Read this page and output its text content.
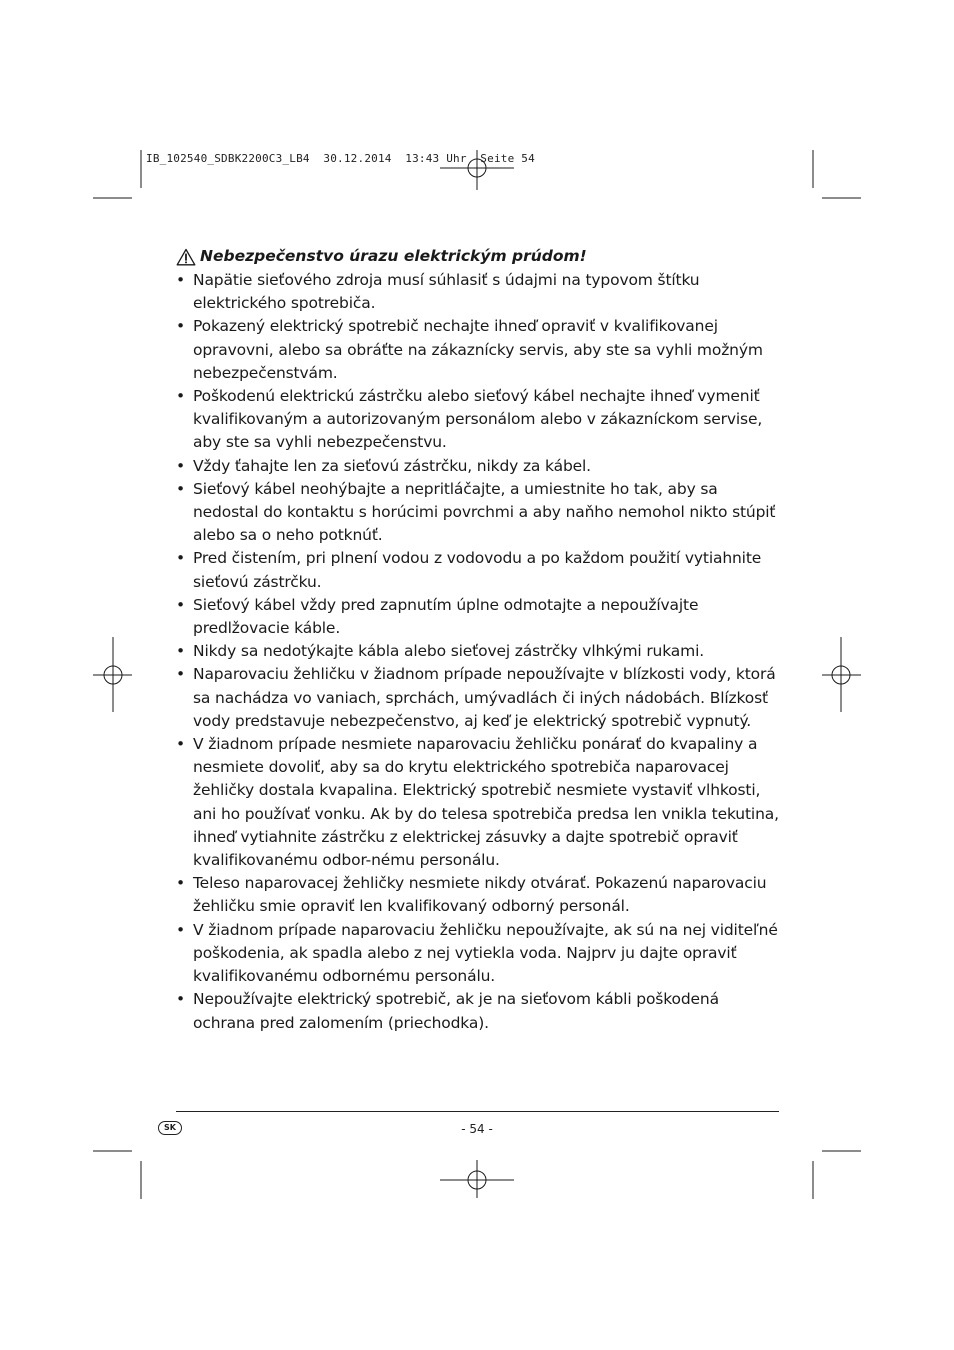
IB_102540_SDBK2200C3_LB4  30.12.2014  13:43 Uhr  Seite 54
Nebezpečenstvo úrazu elektrickým prúdom!
• Napätie sieťového zdroja musí súhlasiť s údajmi na typovom štítku elektrického spotrebiča.
• Pokazený elektrický spotrebič nechajte ihneď opraviť v kvalifikovanej opravovni, alebo sa obráťte na zákaznícky servis, aby ste sa vyhli možným nebezpečenstvám.
• Poškodenú elektrickú zástrčku alebo sieťový kábel nechajte ihneď vymeniť kvalifikovaným a autorizovaným personálom alebo v zákazníckom servise, aby ste sa vyhli nebezpečenstvu.
• Vždy ťahajte len za sieťovú zástrčku, nikdy za kábel.
• Sieťový kábel neohýbajte a nepritláčajte, a umiestnite ho tak, aby sa nedostal do kontaktu s horúcimi povrchmi a aby naňho nemohol nikto stúpiť alebo sa o neho potknúť.
• Pred čistením, pri plnení vodou z vodovodu a po každom použití vytiahnite sieťovú zástrčku.
• Sieťový kábel vždy pred zapnutím úplne odmotajte a nepoužívajte predlžovacie káble.
• Nikdy sa nedotýkajte kábla alebo sieťovej zástrčky vlhkými rukami.
• Naparovaciu žehličku v žiadnom prípade nepoužívajte v blízkosti vody, ktorá sa nachádza vo vaniach, sprchách, umývadlách či iných nádobách. Blízkosť vody predstavuje nebezpečenstvo, aj keď je elektrický spotrebič vypnutý.
• V žiadnom prípade nesmiete naparovaciu žehličku ponárať do kvapaliny a nesmiete dovoliť, aby sa do krytu elektrického spotrebiča naparovacej žehličky dostala kvapalina. Elektrický spotrebič nesmiete vystaviť vlhkosti, ani ho používať vonku. Ak by do telesa spotrebiča predsa len vnikla tekutina, ihneď vytiahnite zástrčku z elektrickej zásuvky a dajte spotrebič opraviť kvalifikovanému odbor-nému personálu.
• Teleso naparovacej žehličky nesmiete nikdy otvárať. Pokazenú naparovaciu žehličku smie opraviť len kvalifikovaný odborný personál.
• V žiadnom prípade naparovaciu žehličku nepoužívajte, ak sú na nej viditeľné poškodenia, ak spadla alebo z nej vytiekla voda. Najprv ju dajte opraviť kvalifikovanému odbornému personálu.
• Nepoužívajte elektrický spotrebič, ak je na sieťovom kábli poškodená ochrana pred zalomením (priechodka).
SK	- 54 -
